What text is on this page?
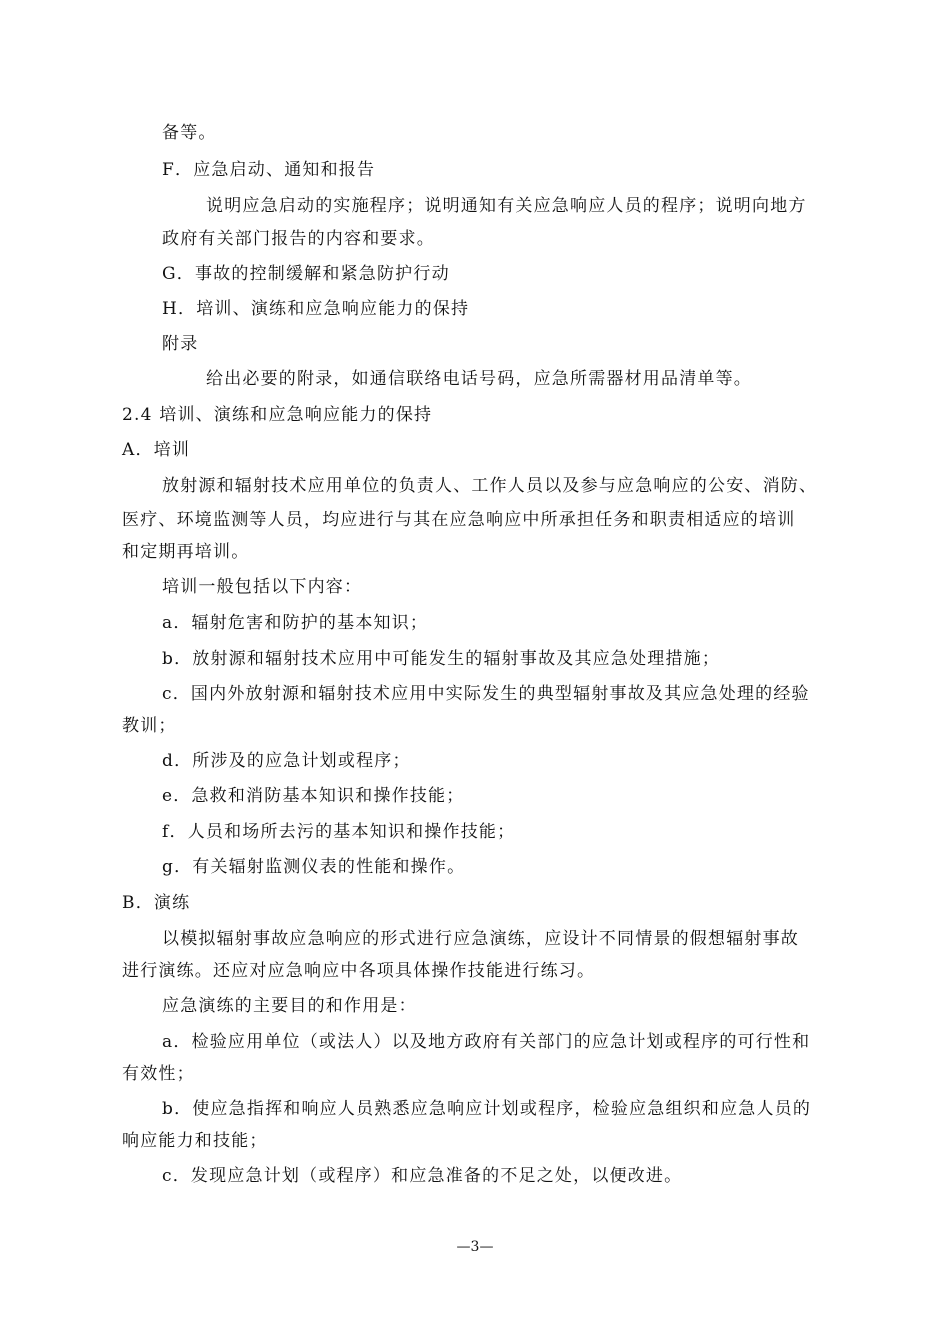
备等。
F．应急启动、通知和报告
说明应急启动的实施程序；说明通知有关应急响应人员的程序；说明向地方
政府有关部门报告的内容和要求。
G．事故的控制缓解和紧急防护行动
H．培训、演练和应急响应能力的保持
附录
给出必要的附录，如通信联络电话号码，应急所需器材用品清单等。
2.4 培训、演练和应急响应能力的保持
A．培训
放射源和辐射技术应用单位的负责人、工作人员以及参与应急响应的公安、消防、
医疗、环境监测等人员，均应进行与其在应急响应中所承担任务和职责相适应的培训
和定期再培训。
培训一般包括以下内容：
a．辐射危害和防护的基本知识；
b．放射源和辐射技术应用中可能发生的辐射事故及其应急处理措施；
c．国内外放射源和辐射技术应用中实际发生的典型辐射事故及其应急处理的经验
教训；
d．所涉及的应急计划或程序；
e．急救和消防基本知识和操作技能；
f．人员和场所去污的基本知识和操作技能；
g．有关辐射监测仪表的性能和操作。
B．演练
以模拟辐射事故应急响应的形式进行应急演练，应设计不同情景的假想辐射事故
进行演练。还应对应急响应中各项具体操作技能进行练习。
应急演练的主要目的和作用是：
a．检验应用单位（或法人）以及地方政府有关部门的应急计划或程序的可行性和
有效性；
b．使应急指挥和响应人员熟悉应急响应计划或程序，检验应急组织和应急人员的
响应能力和技能；
c．发现应急计划（或程序）和应急准备的不足之处，以便改进。
—3—
